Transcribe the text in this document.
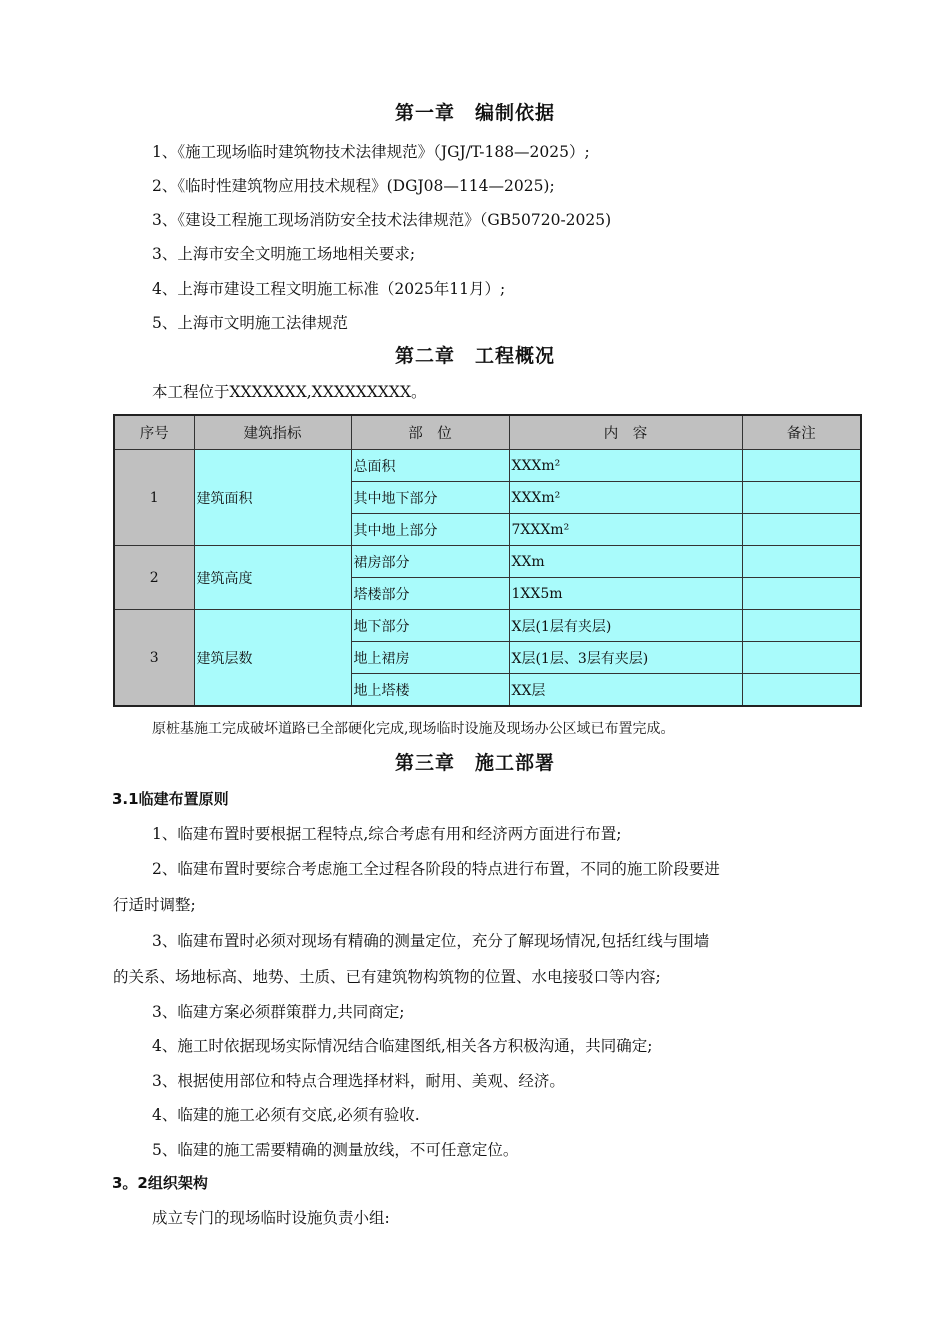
第一章　编制依据
1、《施工现场临时建筑物技术法律规范》（JGJ/T-188—2025）;
2、《临时性建筑物应用技术规程》(DGJ08—114—2025);
3、《建设工程施工现场消防安全技术法律规范》（GB50720-2025)
3、上海市安全文明施工场地相关要求;
4、上海市建设工程文明施工标准（2025年11月）;
5、上海市文明施工法律规范
第二章　工程概况
本工程位于XXXXXXX,XXXXXXXXX。
序号	建筑指标	部　位	内　容	备注
1	建筑面积	总面积	XXXm²	
		其中地下部分	XXXm²	
		其中地上部分	7XXXm²	
2	建筑高度	裙房部分	XXm	
		塔楼部分	1XX5m	
3	建筑层数	地下部分	X层(1层有夹层)	
		地上裙房	X层(1层、3层有夹层)	
		地上塔楼	XX层	
原桩基施工完成破坏道路已全部硬化完成,现场临时设施及现场办公区域已布置完成。
第三章　施工部署
3.1临建布置原则
1、临建布置时要根据工程特点,综合考虑有用和经济两方面进行布置;
2、临建布置时要综合考虑施工全过程各阶段的特点进行布置，不同的施工阶段要进
行适时调整;
3、临建布置时必须对现场有精确的测量定位，充分了解现场情况,包括红线与围墙
的关系、场地标高、地势、土质、已有建筑物构筑物的位置、水电接驳口等内容;
3、临建方案必须群策群力,共同商定;
4、施工时依据现场实际情况结合临建图纸,相关各方积极沟通，共同确定;
3、根据使用部位和特点合理选择材料，耐用、美观、经济。
4、临建的施工必须有交底,必须有验收.
5、临建的施工需要精确的测量放线，不可任意定位。
3。2组织架构
成立专门的现场临时设施负责小组:
